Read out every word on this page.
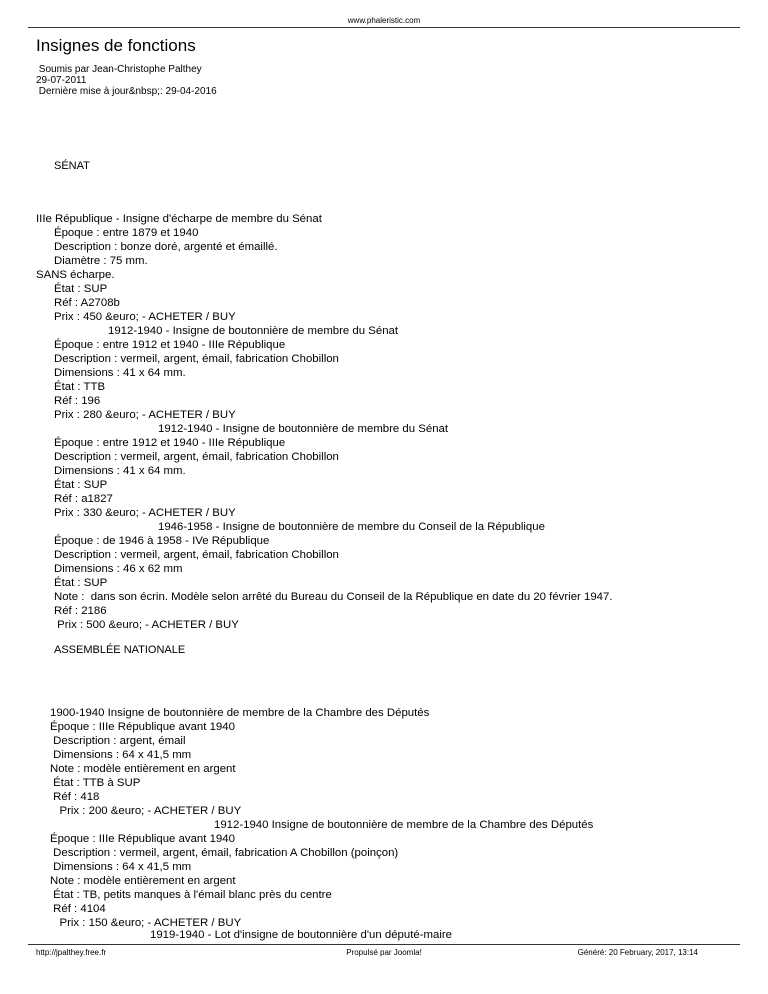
www.phaleristic.com
Insignes de fonctions
Soumis par Jean-Christophe Palthey
29-07-2011
Dernière mise à jour&nbsp;: 29-04-2016
SÉNAT
IIIe République - Insigne d'écharpe de membre du Sénat
Époque : entre 1879 et 1940
Description : bonze doré, argenté et émaillé.
Diamètre : 75 mm.
SANS écharpe.
État : SUP
Réf : A2708b
Prix : 450 &euro; - ACHETER / BUY
1912-1940 - Insigne de boutonnière de membre du Sénat
Époque : entre 1912 et 1940 - IIIe République
Description : vermeil, argent, émail, fabrication Chobillon
Dimensions : 41 x 64 mm.
État : TTB
Réf : 196
Prix : 280 &euro; - ACHETER / BUY
1912-1940 - Insigne de boutonnière de membre du Sénat
Époque : entre 1912 et 1940 - IIIe République
Description : vermeil, argent, émail, fabrication Chobillon
Dimensions : 41 x 64 mm.
État : SUP
Réf : a1827
Prix : 330 &euro; - ACHETER / BUY
1946-1958 - Insigne de boutonnière de membre du Conseil de la République
Époque : de 1946 à 1958 - IVe République
Description : vermeil, argent, émail, fabrication Chobillon
Dimensions : 46 x 62 mm
État : SUP
Note :  dans son écrin. Modèle selon arrêté du Bureau du Conseil de la République en date du 20 février 1947.
Réf : 2186
Prix : 500 &euro; - ACHETER / BUY
ASSEMBLÉE NATIONALE
1900-1940 Insigne de boutonnière de membre de la Chambre des Députés
Époque : IIIe République avant 1940
Description : argent, émail
Dimensions : 64 x 41,5 mm
Note : modèle entièrement en argent
État : TTB à SUP
Réf : 418
Prix : 200 &euro; - ACHETER / BUY
1912-1940 Insigne de boutonnière de membre de la Chambre des Députés
Époque : IIIe République avant 1940
Description : vermeil, argent, émail, fabrication A Chobillon (poinçon)
Dimensions : 64 x 41,5 mm
Note : modèle entièrement en argent
État : TB, petits manques à l'émail blanc près du centre
Réf : 4104
Prix : 150 &euro; - ACHETER / BUY
1919-1940 - Lot d'insigne de boutonnière d'un député-maire
http://jpalthey.free.fr	Propulsé par Joomla!	Généré: 20 February, 2017, 13:14
